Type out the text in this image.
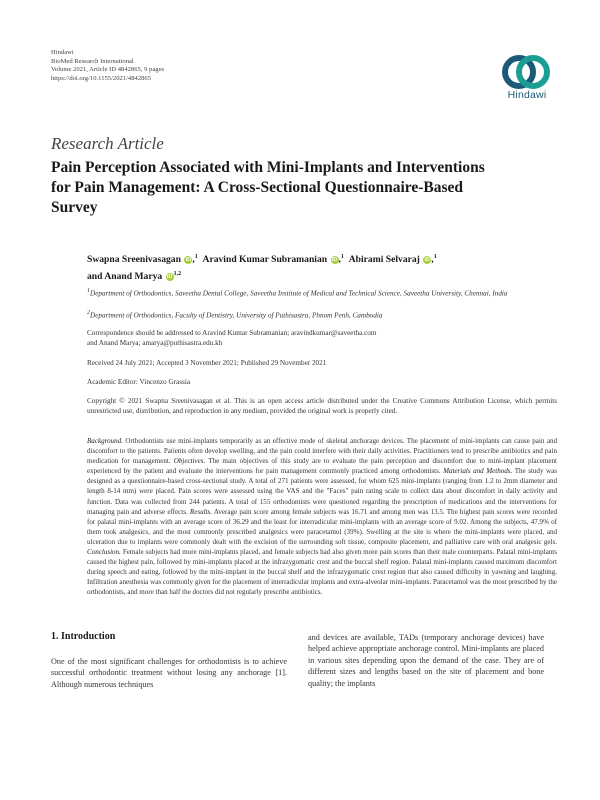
Hindawi
BioMed Research International
Volume 2021, Article ID 4842865, 9 pages
https://doi.org/10.1155/2021/4842865
Hindawi
Research Article
Pain Perception Associated with Mini-Implants and Interventions for Pain Management: A Cross-Sectional Questionnaire-Based Survey
Swapna Sreenivasagan iD,$^1$ Aravind Kumar Subramanian iD,$^1$ Abirami Selvaraj iD,$^1$
and Anand Marya iD$^{1,2}$
$^1$Department of Orthodontics, Saveetha Dental College, Saveetha Institute of Medical and Technical Science, Saveetha University, Chennai, India
$^2$Department of Orthodontics, Faculty of Dentistry, University of Puthisastra, Phnom Penh, Cambodia
Correspondence should be addressed to Aravind Kumar Subramanian; aravindkumar@saveetha.com
and Anand Marya; amarya@puthisastra.edu.kh
Received 24 July 2021; Accepted 3 November 2021; Published 29 November 2021
Academic Editor: Vincenzo Grassia
Copyright © 2021 Swapna Sreenivasagan et al. This is an open access article distributed under the Creative Commons Attribution License, which permits unrestricted use, distribution, and reproduction in any medium, provided the original work is properly cited.
Background. Orthodontists use mini-implants temporarily as an effective mode of skeletal anchorage devices. The placement of mini-implants can cause pain and discomfort to the patients. Patients often develop swelling, and the pain could interfere with their daily activities. Practitioners tend to prescribe antibiotics and pain medication for management. Objectives. The main objectives of this study are to evaluate the pain perception and discomfort due to mini-implant placement experienced by the patient and evaluate the interventions for pain management commonly practiced among orthodontists. Materials and Methods. The study was designed as a questionnaire-based cross-sectional study. A total of 271 patients were assessed, for whom 625 mini-implants (ranging from 1.2 to 2mm diameter and length 8-14 mm) were placed. Pain scores were assessed using the VAS and the "Faces" pain rating scale to collect data about discomfort in daily activity and function. Data was collected from 244 patients. A total of 155 orthodontists were questioned regarding the prescription of medications and the interventions for managing pain and adverse effects. Results. Average pain score among female subjects was 16.71 and among men was 13.5. The highest pain scores were recorded for palatal mini-implants with an average score of 36.29 and the least for interradicular mini-implants with an average score of 9.02. Among the subjects, 47.9% of them took analgesics, and the most commonly prescribed analgesics were paracetamol (39%). Swelling at the site is where the mini-implants were placed, and ulceration due to implants were commonly dealt with the excision of the surrounding soft tissue, composite placement, and palliative care with oral analgesic gels. Conclusion. Female subjects had more mini-implants placed, and female subjects had also given more pain scores than their male counterparts. Palatal mini-implants caused the highest pain, followed by mini-implants placed at the infrazygomatic crest and the buccal shelf region. Palatal mini-implants caused maximum discomfort during speech and eating, followed by the mini-implant in the buccal shelf and the infrazygomatic crest region that also caused difficulty in yawning and laughing. Infiltration anesthesia was commonly given for the placement of interradicular implants and extra-alveolar mini-implants. Paracetamol was the most prescribed by the orthodontists, and more than half the doctors did not regularly prescribe antibiotics.
1. Introduction
One of the most significant challenges for orthodontists is to achieve successful orthodontic treatment without losing any anchorage [1]. Although numerous techniques
and devices are available, TADs (temporary anchorage devices) have helped achieve appropriate anchorage control. Mini-implants are placed in various sites depending upon the demand of the case. They are of different sizes and lengths based on the site of placement and bone quality; the implants
